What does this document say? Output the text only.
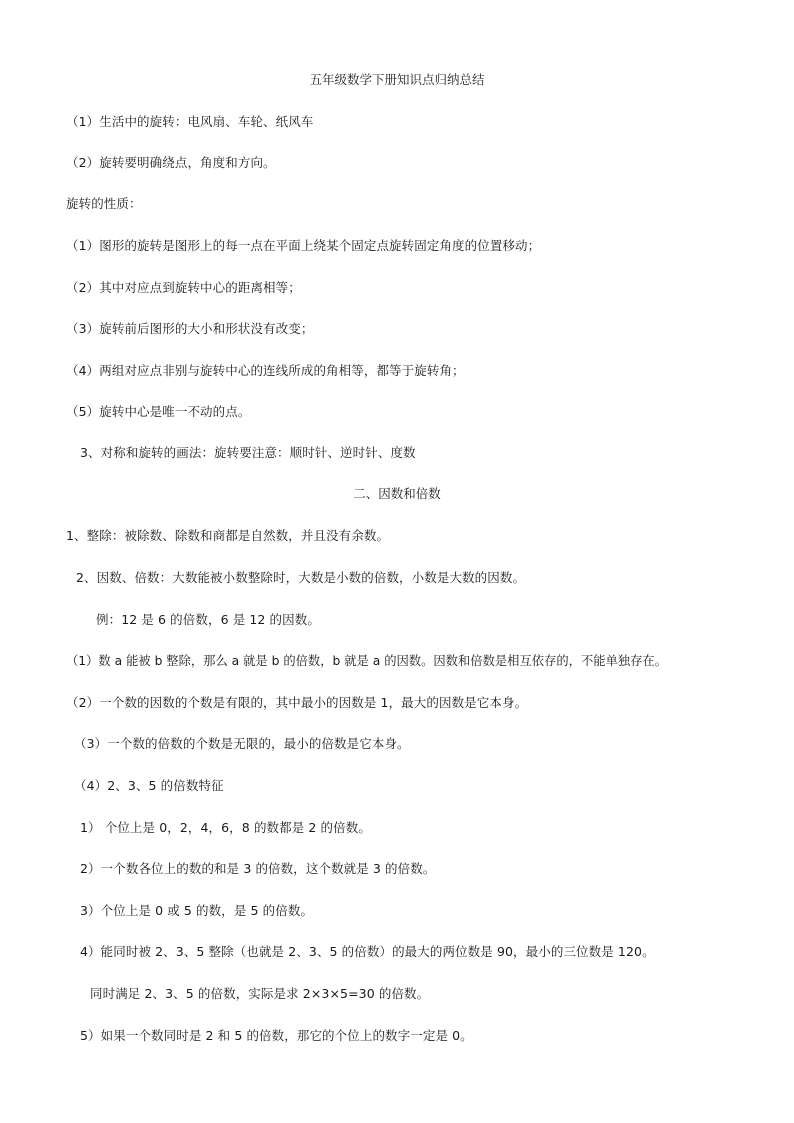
五年级数学下册知识点归纳总结
（1）生活中的旋转：电风扇、车轮、纸风车
（2）旋转要明确绕点，角度和方向。
旋转的性质：
（1）图形的旋转是图形上的每一点在平面上绕某个固定点旋转固定角度的位置移动；
（2）其中对应点到旋转中心的距离相等；
（3）旋转前后图形的大小和形状没有改变；
（4）两组对应点非别与旋转中心的连线所成的角相等，都等于旋转角；
（5）旋转中心是唯一不动的点。
3、对称和旋转的画法：旋转要注意：顺时针、逆时针、度数
二、因数和倍数
1、整除：被除数、除数和商都是自然数，并且没有余数。
2、因数、倍数：大数能被小数整除时，大数是小数的倍数，小数是大数的因数。
例：12 是 6 的倍数，6 是 12 的因数。
（1）数 a 能被 b 整除，那么 a 就是 b 的倍数，b 就是 a 的因数。因数和倍数是相互依存的，不能单独存在。
（2）一个数的因数的个数是有限的，其中最小的因数是 1，最大的因数是它本身。
（3）一个数的倍数的个数是无限的，最小的倍数是它本身。
（4）2、3、5 的倍数特征
1） 个位上是 0，2，4，6，8 的数都是 2 的倍数。
2）一个数各位上的数的和是 3 的倍数，这个数就是 3 的倍数。
3）个位上是 0 或 5 的数，是 5 的倍数。
4）能同时被 2、3、5 整除（也就是 2、3、5 的倍数）的最大的两位数是 90，最小的三位数是 120。
同时满足 2、3、5 的倍数，实际是求 2×3×5=30 的倍数。
5）如果一个数同时是 2 和 5 的倍数，那它的个位上的数字一定是 0。
